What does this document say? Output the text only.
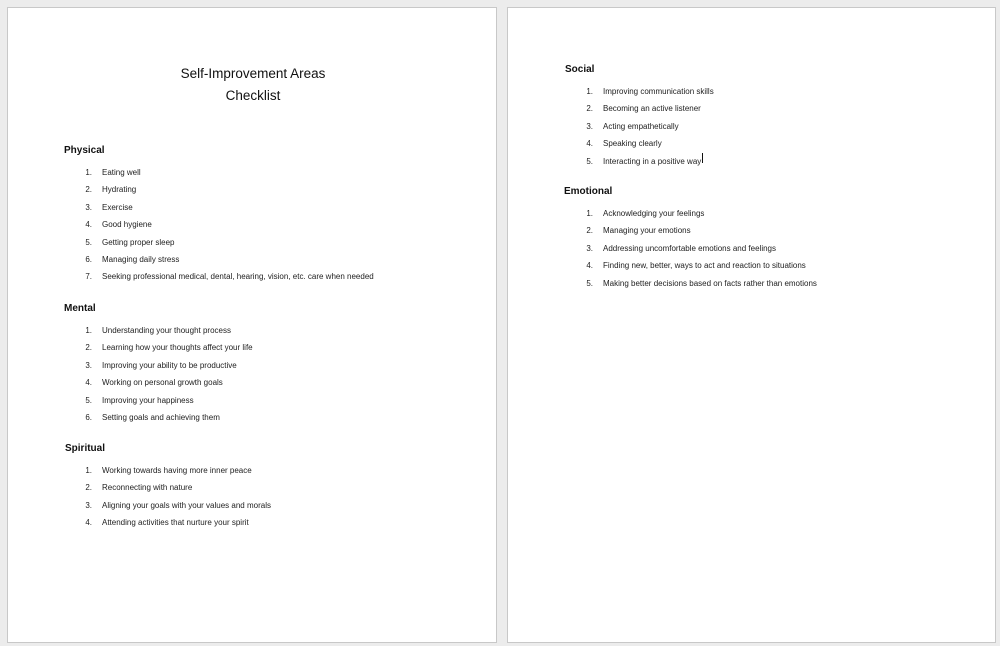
Self-Improvement Areas
Checklist
Physical
1. Eating well
2. Hydrating
3. Exercise
4. Good hygiene
5. Getting proper sleep
6. Managing daily stress
7. Seeking professional medical, dental, hearing, vision, etc. care when needed
Mental
1. Understanding your thought process
2. Learning how your thoughts affect your life
3. Improving your ability to be productive
4. Working on personal growth goals
5. Improving your happiness
6. Setting goals and achieving them
Spiritual
1. Working towards having more inner peace
2. Reconnecting with nature
3. Aligning your goals with your values and morals
4. Attending activities that nurture your spirit
Social
1. Improving communication skills
2. Becoming an active listener
3. Acting empathetically
4. Speaking clearly
5. Interacting in a positive way
Emotional
1. Acknowledging your feelings
2. Managing your emotions
3. Addressing uncomfortable emotions and feelings
4. Finding new, better, ways to act and reaction to situations
5. Making better decisions based on facts rather than emotions
